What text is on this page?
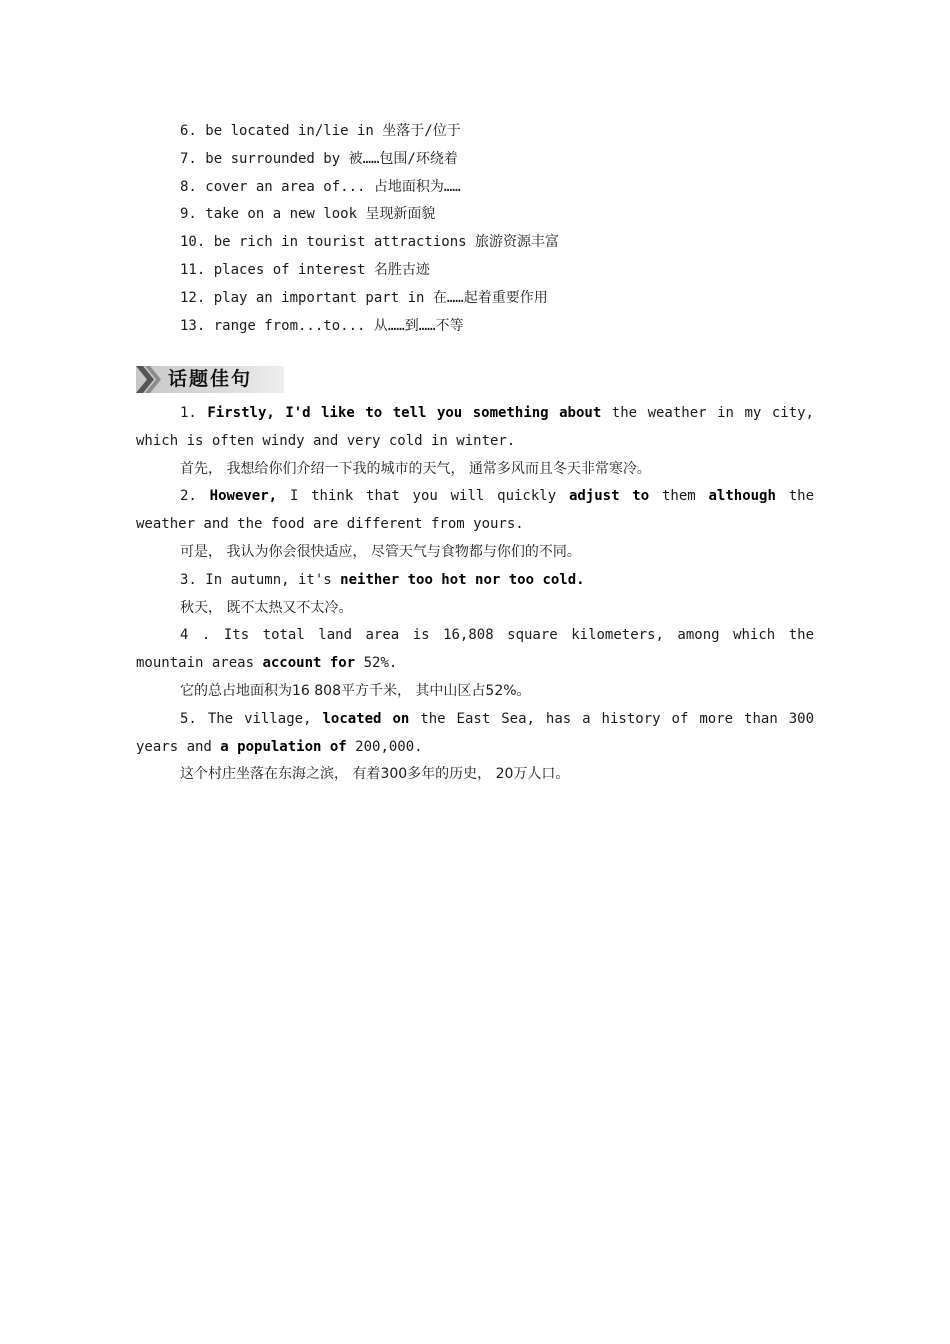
6. be located in/lie in 坐落于/位于
7. be surrounded by 被……包围/环绕着
8. cover an area of... 占地面积为……
9. take on a new look 呈现新面貌
10. be rich in tourist attractions 旅游资源丰富
11. places of interest 名胜古迹
12. play an important part in 在……起着重要作用
13. range from...to... 从……到……不等
话题佳句

1. Firstly, I'd like to tell you something about the weather in my city, which is often windy and very cold in winter.

首先， 我想给你们介绍一下我的城市的天气， 通常多风而且冬天非常寒冷。

2. However, I think that you will quickly adjust to them although the weather and the food are different from yours.

可是， 我认为你会很快适应， 尽管天气与食物都与你们的不同。

3. In autumn, it's neither too hot nor too cold.

秋天， 既不太热又不太冷。

4 . Its total land area is 16,808 square kilometers, among which the mountain areas account for 52%.

它的总占地面积为16 808平方千米， 其中山区占52%。

5. The village, located on the East Sea, has a history of more than 300 years and a population of 200,000.

这个村庄坐落在东海之滨， 有着300多年的历史， 20万人口。
